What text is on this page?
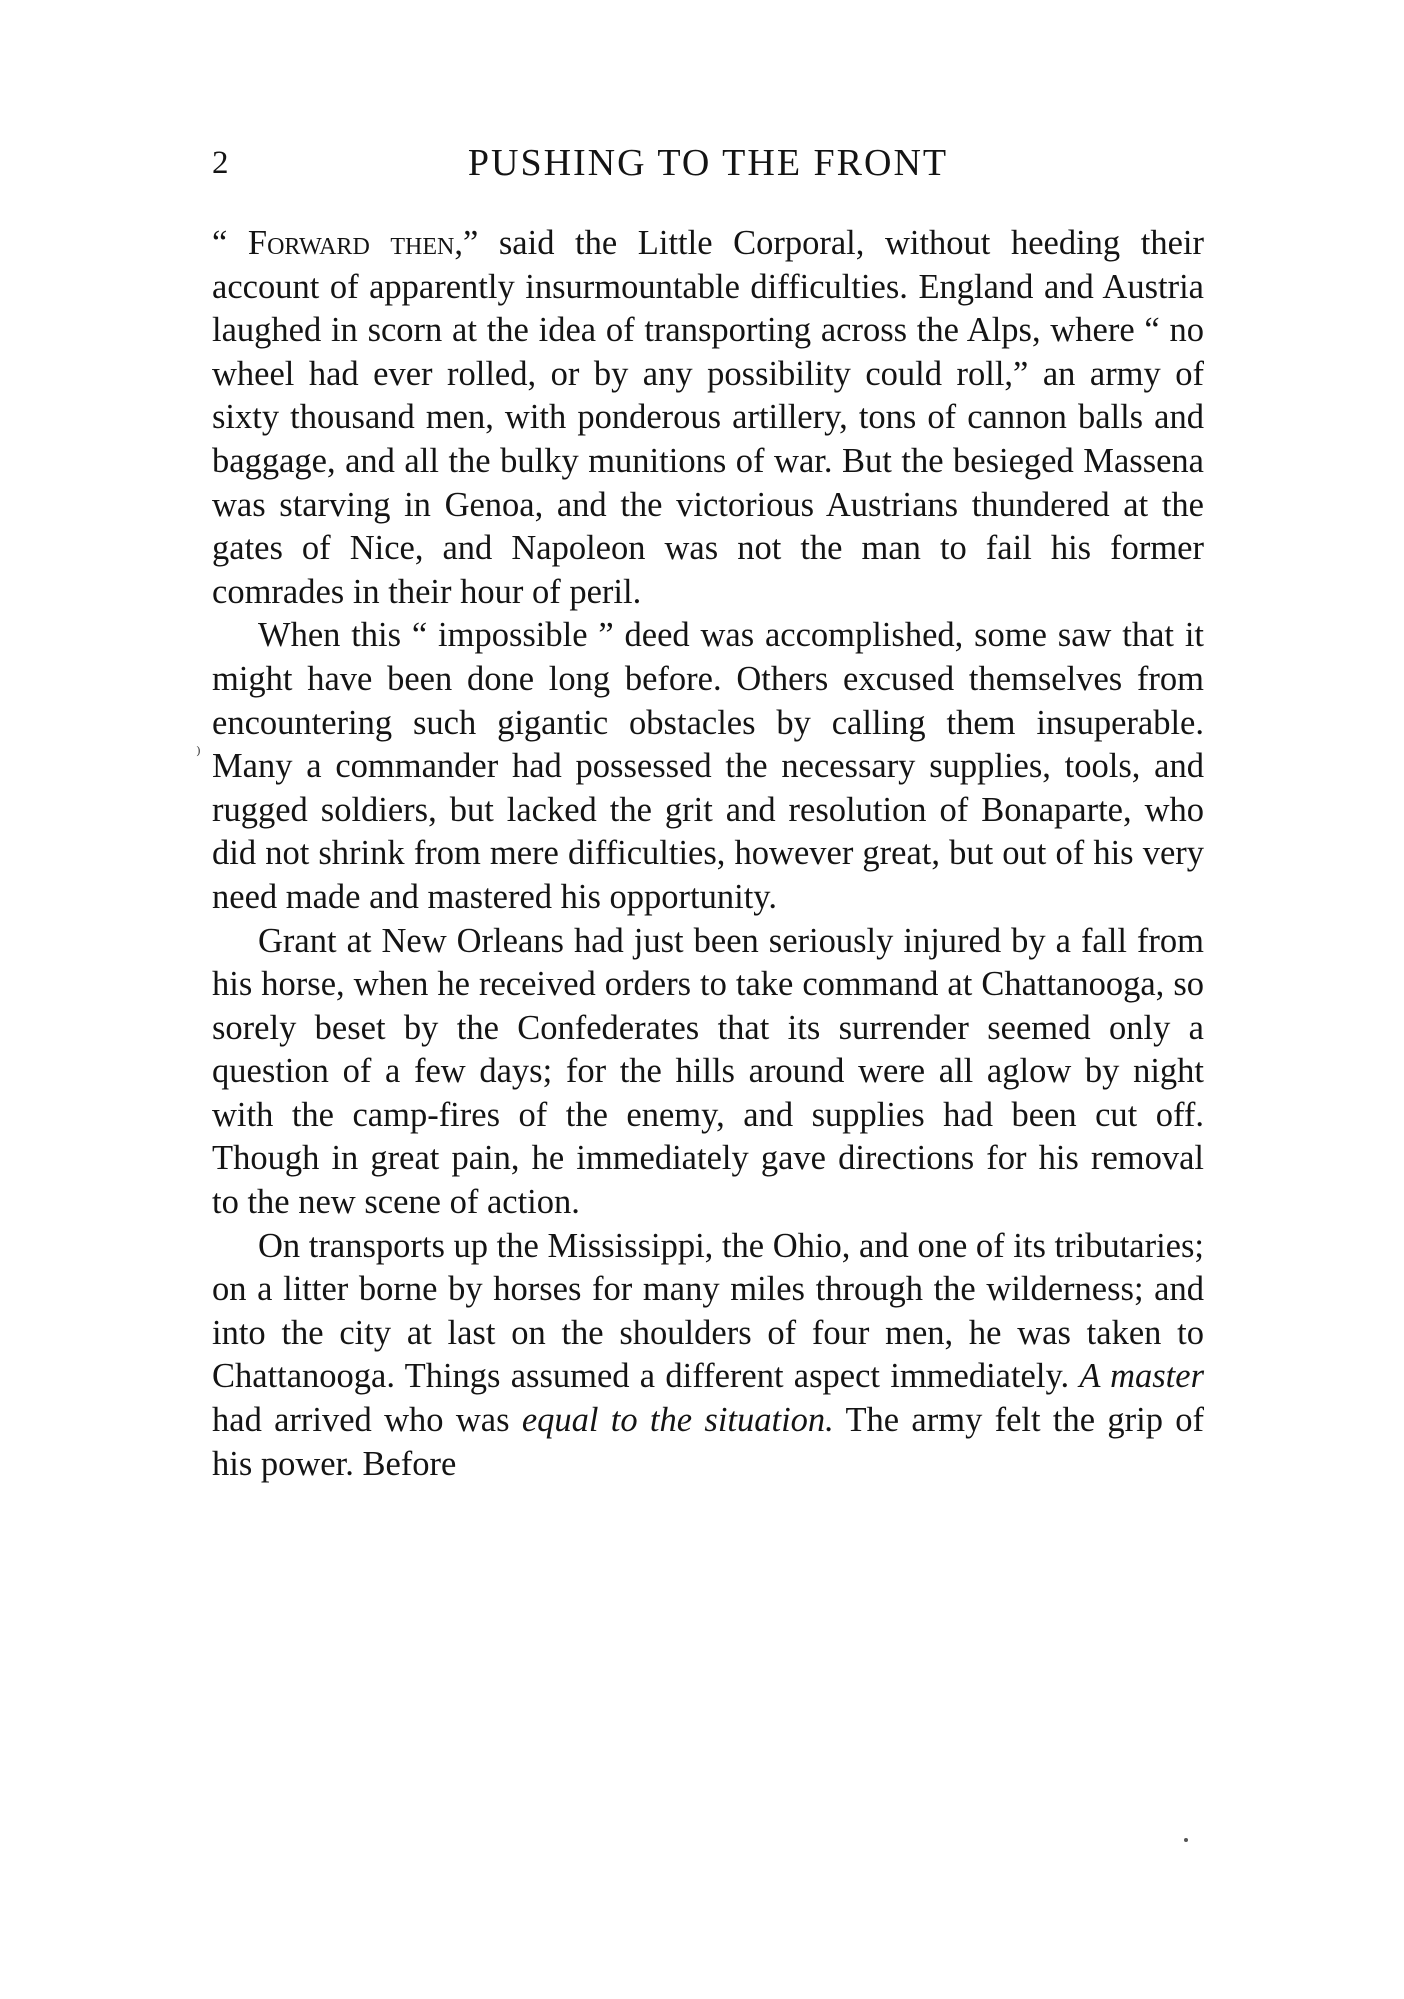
2	PUSHING TO THE FRONT
⁾

“ Forward then,” said the Little Corporal, without heeding their account of apparently insurmountable difficulties. England and Austria laughed in scorn at the idea of transporting across the Alps, where “ no wheel had ever rolled, or by any possibility could roll,” an army of sixty thousand men, with ponderous artillery, tons of cannon balls and baggage, and all the bulky munitions of war. But the besieged Massena was starving in Genoa, and the victorious Austrians thundered at the gates of Nice, and Napoleon was not the man to fail his former comrades in their hour of peril.

When this “ impossible ” deed was accomplished, some saw that it might have been done long before. Others excused themselves from encountering such gigantic obstacles by calling them insuperable. Many a commander had possessed the necessary supplies, tools, and rugged soldiers, but lacked the grit and resolution of Bonaparte, who did not shrink from mere difficulties, however great, but out of his very need made and mastered his opportunity.

Grant at New Orleans had just been seriously injured by a fall from his horse, when he received orders to take command at Chattanooga, so sorely beset by the Confederates that its surrender seemed only a question of a few days; for the hills around were all aglow by night with the camp-fires of the enemy, and supplies had been cut off. Though in great pain, he immediately gave directions for his removal to the new scene of action.

On transports up the Mississippi, the Ohio, and one of its tributaries; on a litter borne by horses for many miles through the wilderness; and into the city at last on the shoulders of four men, he was taken to Chattanooga. Things assumed a different aspect immediately. A master had arrived who was equal to the situation. The army felt the grip of his power. Before
